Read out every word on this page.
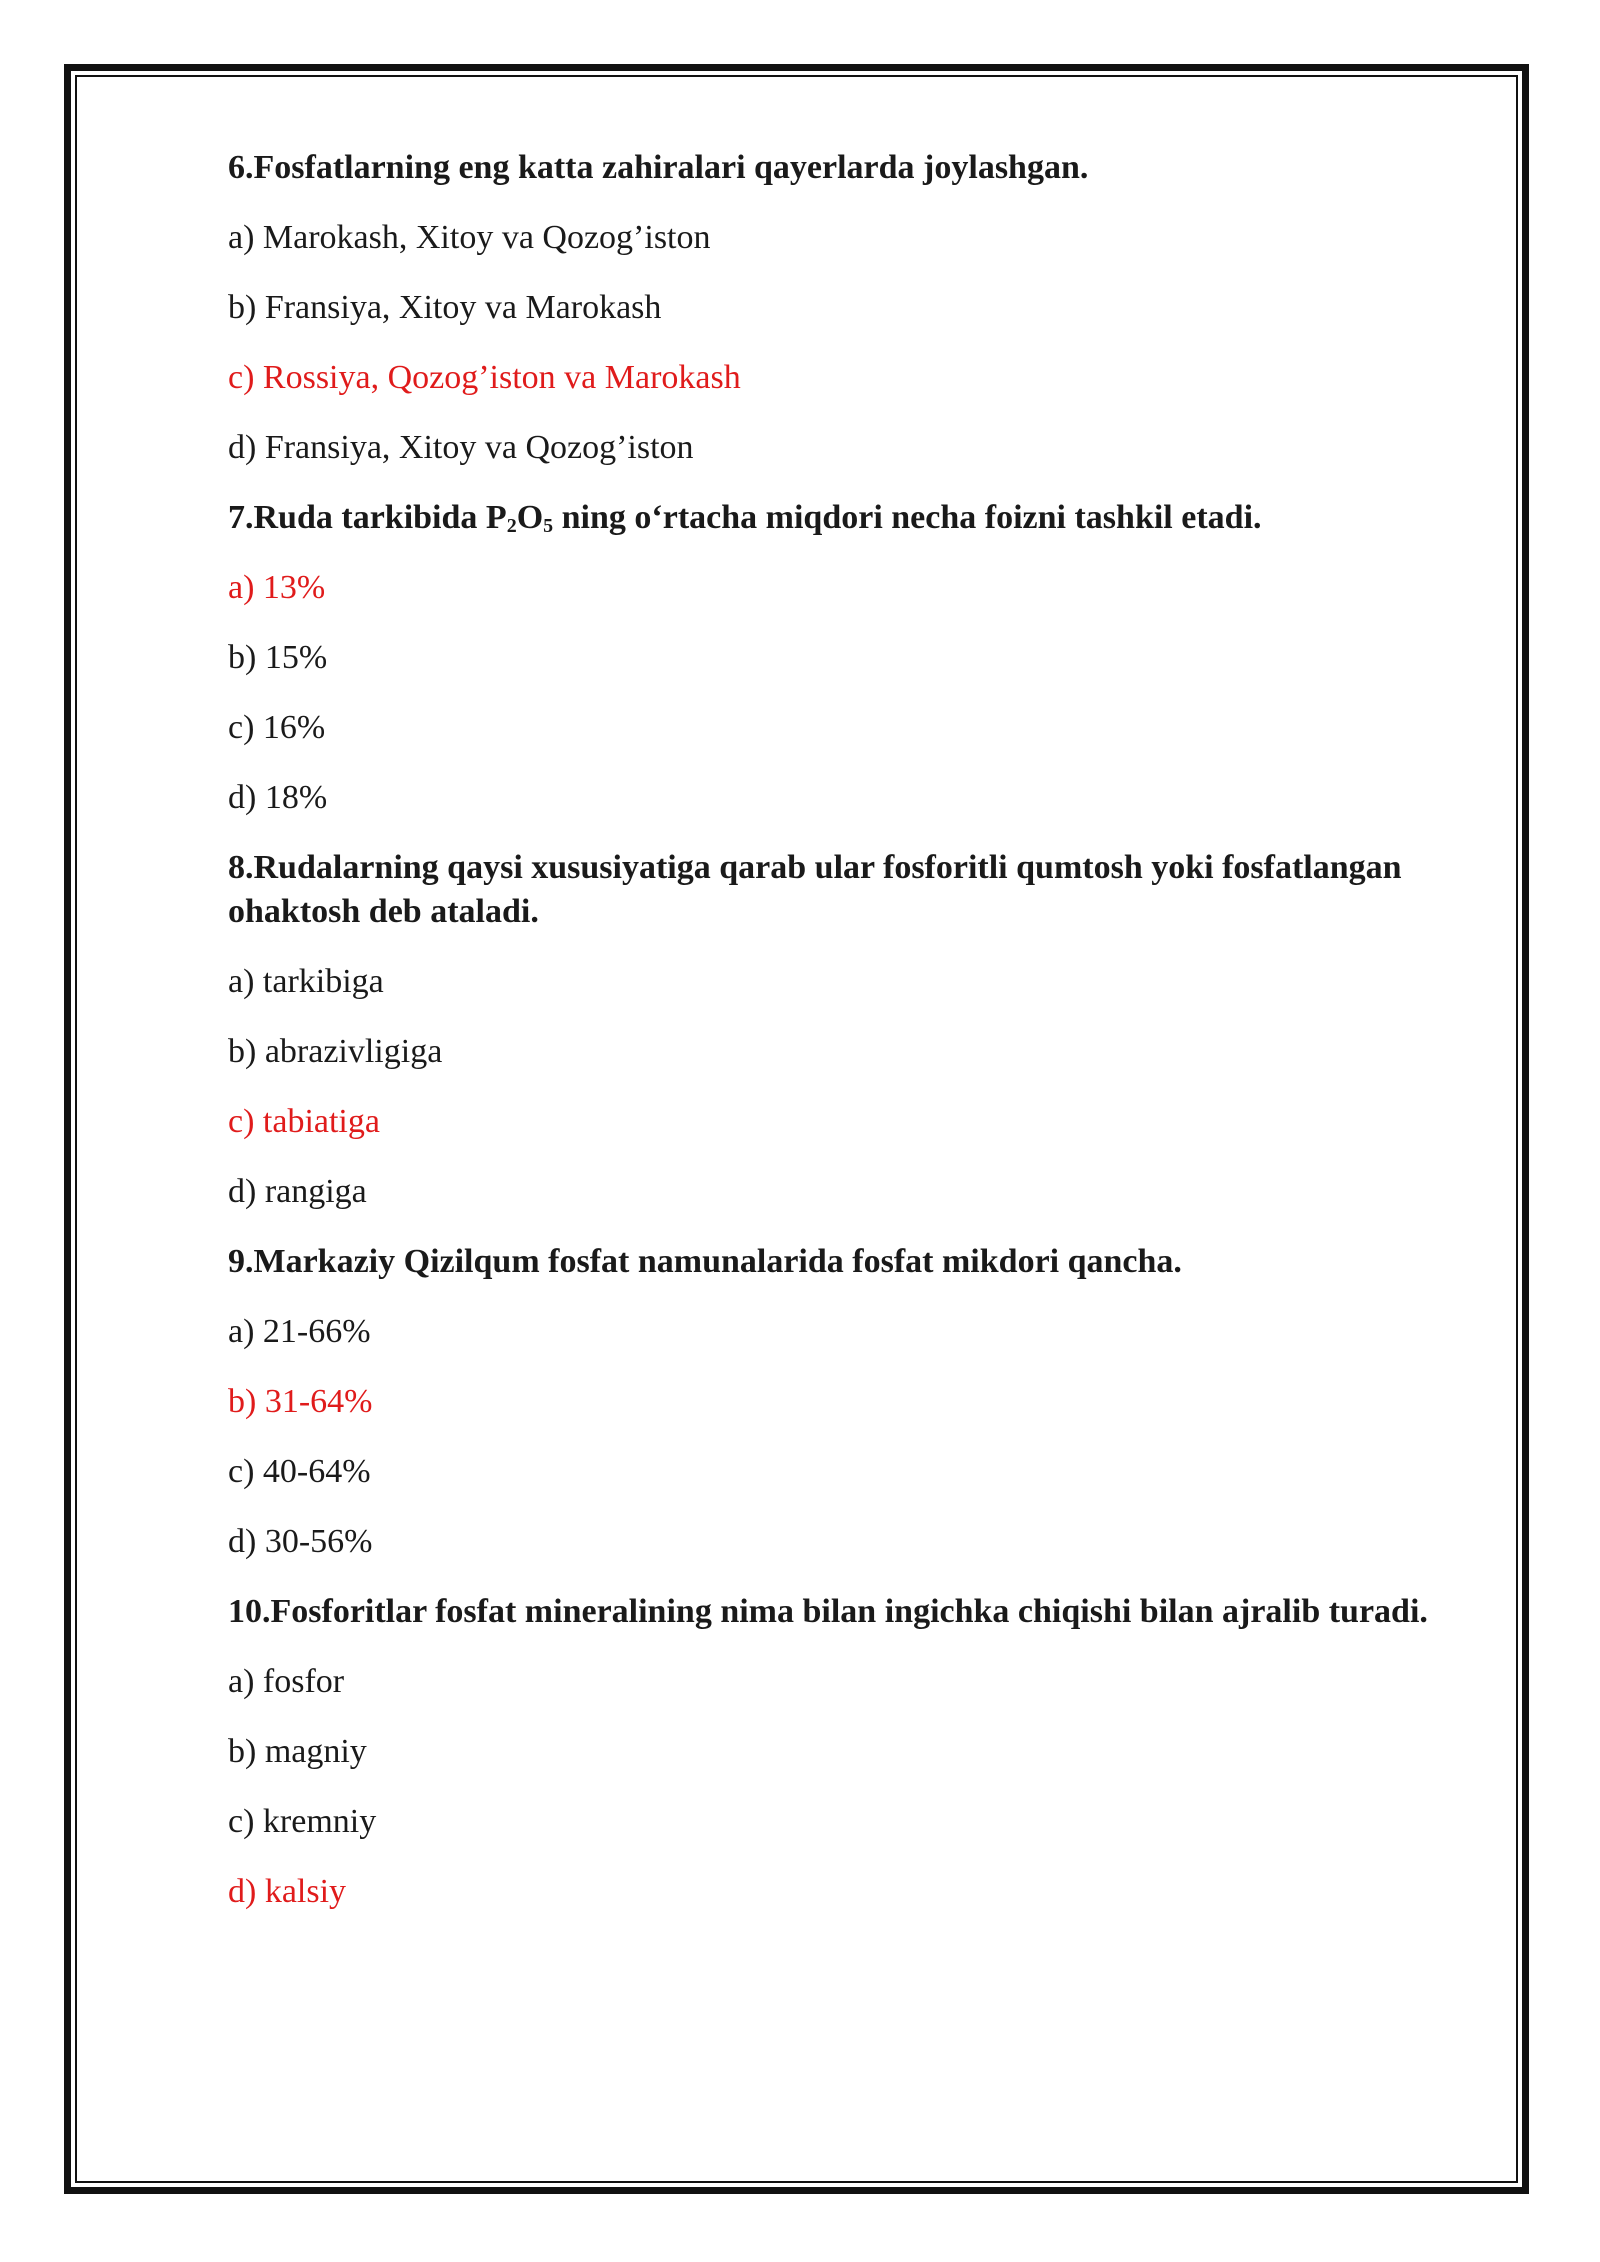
6.Fosfatlarning eng katta zahiralari qayerlarda joylashgan.
a) Marokash, Xitoy va Qozog’iston
b) Fransiya, Xitoy va Marokash
c) Rossiya, Qozog’iston va Marokash
d) Fransiya, Xitoy va Qozog’iston
7.Ruda tarkibida $P_2O_5$ ning o‘rtacha miqdori necha foizni tashkil etadi.
a) 13%
b) 15%
c) 16%
d) 18%
8.Rudalarning qaysi xususiyatiga qarab ular fosforitli qumtosh yoki fosfatlangan ohaktosh deb ataladi.
a) tarkibiga
b) abrazivligiga
c) tabiatiga
d) rangiga
9.Markaziy Qizilqum fosfat namunalarida fosfat mikdori qancha.
a) 21-66%
b) 31-64%
c) 40-64%
d) 30-56%
10.Fosforitlar fosfat mineralining nima bilan ingichka chiqishi bilan ajralib turadi.
a) fosfor
b) magniy
c) kremniy
d) kalsiy
